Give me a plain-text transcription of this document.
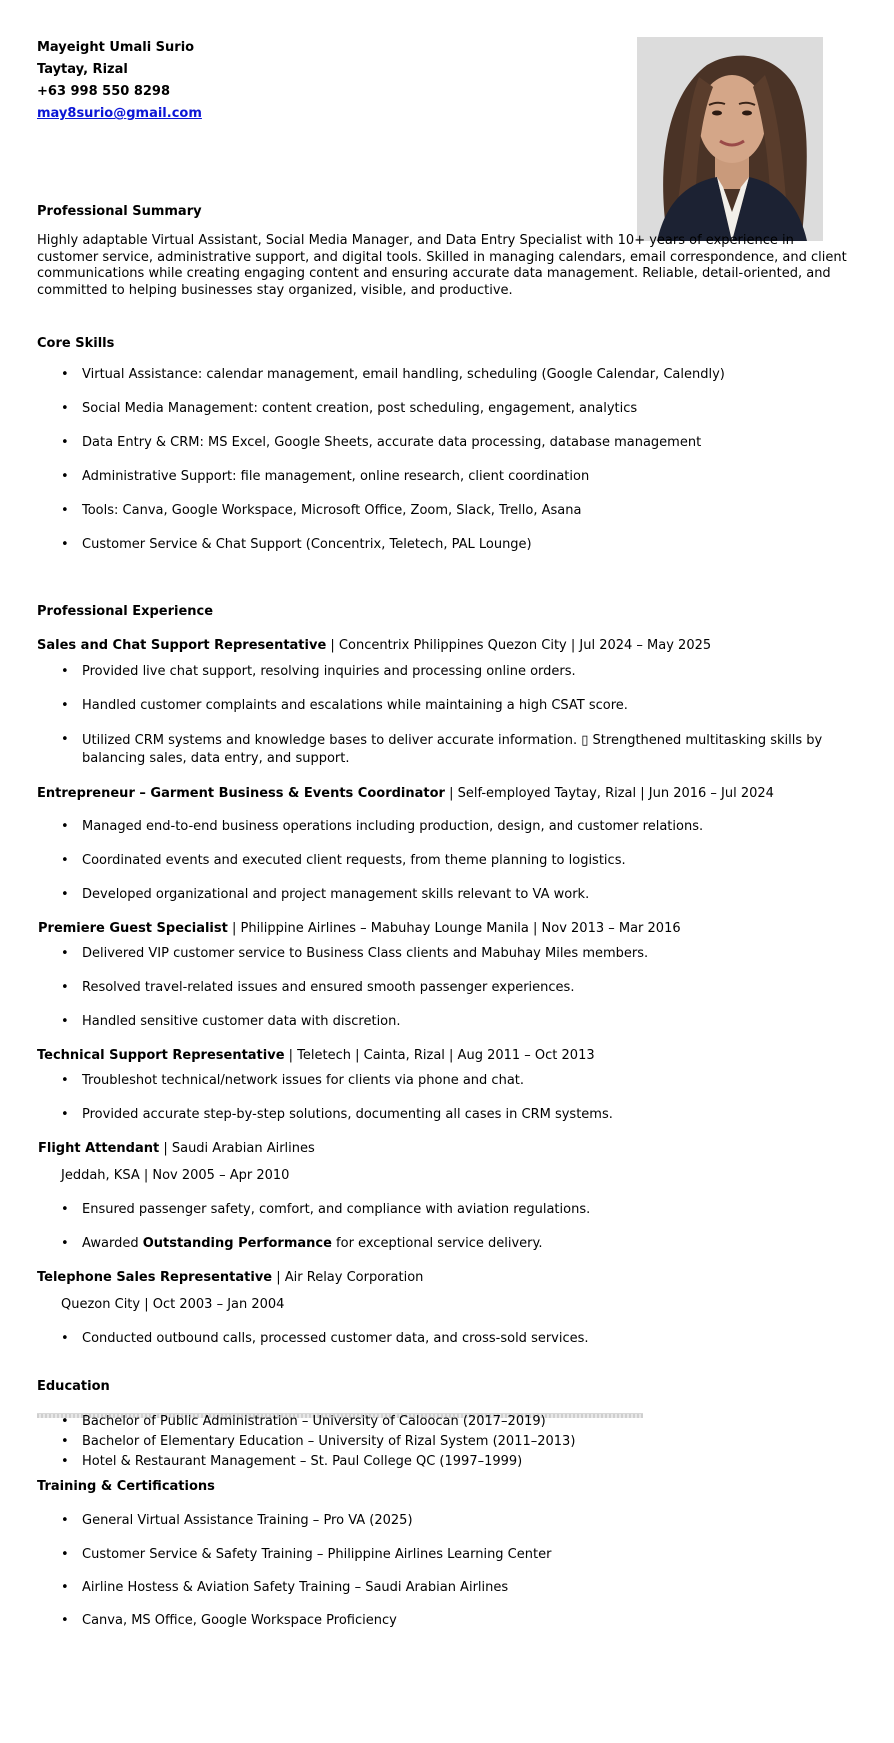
Mayeight Umali Surio
Taytay, Rizal
+63 998 550 8298
may8surio@gmail.com
Professional Summary
Highly adaptable Virtual Assistant, Social Media Manager, and Data Entry Specialist with 10+ years of experience in customer service, administrative support, and digital tools. Skilled in managing calendars, email correspondence, and client communications while creating engaging content and ensuring accurate data management. Reliable, detail-oriented, and committed to helping businesses stay organized, visible, and productive.
Core Skills
• Virtual Assistance: calendar management, email handling, scheduling (Google Calendar, Calendly)
• Social Media Management: content creation, post scheduling, engagement, analytics
• Data Entry & CRM: MS Excel, Google Sheets, accurate data processing, database management
• Administrative Support: file management, online research, client coordination
• Tools: Canva, Google Workspace, Microsoft Office, Zoom, Slack, Trello, Asana
• Customer Service & Chat Support (Concentrix, Teletech, PAL Lounge)
Professional Experience
Sales and Chat Support Representative | Concentrix Philippines Quezon City | Jul 2024 – May 2025
• Provided live chat support, resolving inquiries and processing online orders.
• Handled customer complaints and escalations while maintaining a high CSAT score.
• Utilized CRM systems and knowledge bases to deliver accurate information. ▯ Strengthened multitasking skills by balancing sales, data entry, and support.
Entrepreneur – Garment Business & Events Coordinator | Self-employed Taytay, Rizal | Jun 2016 – Jul 2024
• Managed end-to-end business operations including production, design, and customer relations.
• Coordinated events and executed client requests, from theme planning to logistics.
• Developed organizational and project management skills relevant to VA work.
Premiere Guest Specialist | Philippine Airlines – Mabuhay Lounge Manila | Nov 2013 – Mar 2016
• Delivered VIP customer service to Business Class clients and Mabuhay Miles members.
• Resolved travel-related issues and ensured smooth passenger experiences.
• Handled sensitive customer data with discretion.
Technical Support Representative | Teletech | Cainta, Rizal | Aug 2011 – Oct 2013
• Troubleshot technical/network issues for clients via phone and chat.
• Provided accurate step-by-step solutions, documenting all cases in CRM systems.
Flight Attendant | Saudi Arabian Airlines
Jeddah, KSA | Nov 2005 – Apr 2010
• Ensured passenger safety, comfort, and compliance with aviation regulations.
• Awarded Outstanding Performance for exceptional service delivery.
Telephone Sales Representative | Air Relay Corporation
Quezon City | Oct 2003 – Jan 2004
• Conducted outbound calls, processed customer data, and cross-sold services.
Education
• Bachelor of Public Administration – University of Caloocan (2017–2019)
• Bachelor of Elementary Education – University of Rizal System (2011–2013)
• Hotel & Restaurant Management – St. Paul College QC (1997–1999)
Training & Certifications
• General Virtual Assistance Training – Pro VA (2025)
• Customer Service & Safety Training – Philippine Airlines Learning Center
• Airline Hostess & Aviation Safety Training – Saudi Arabian Airlines
• Canva, MS Office, Google Workspace Proficiency
